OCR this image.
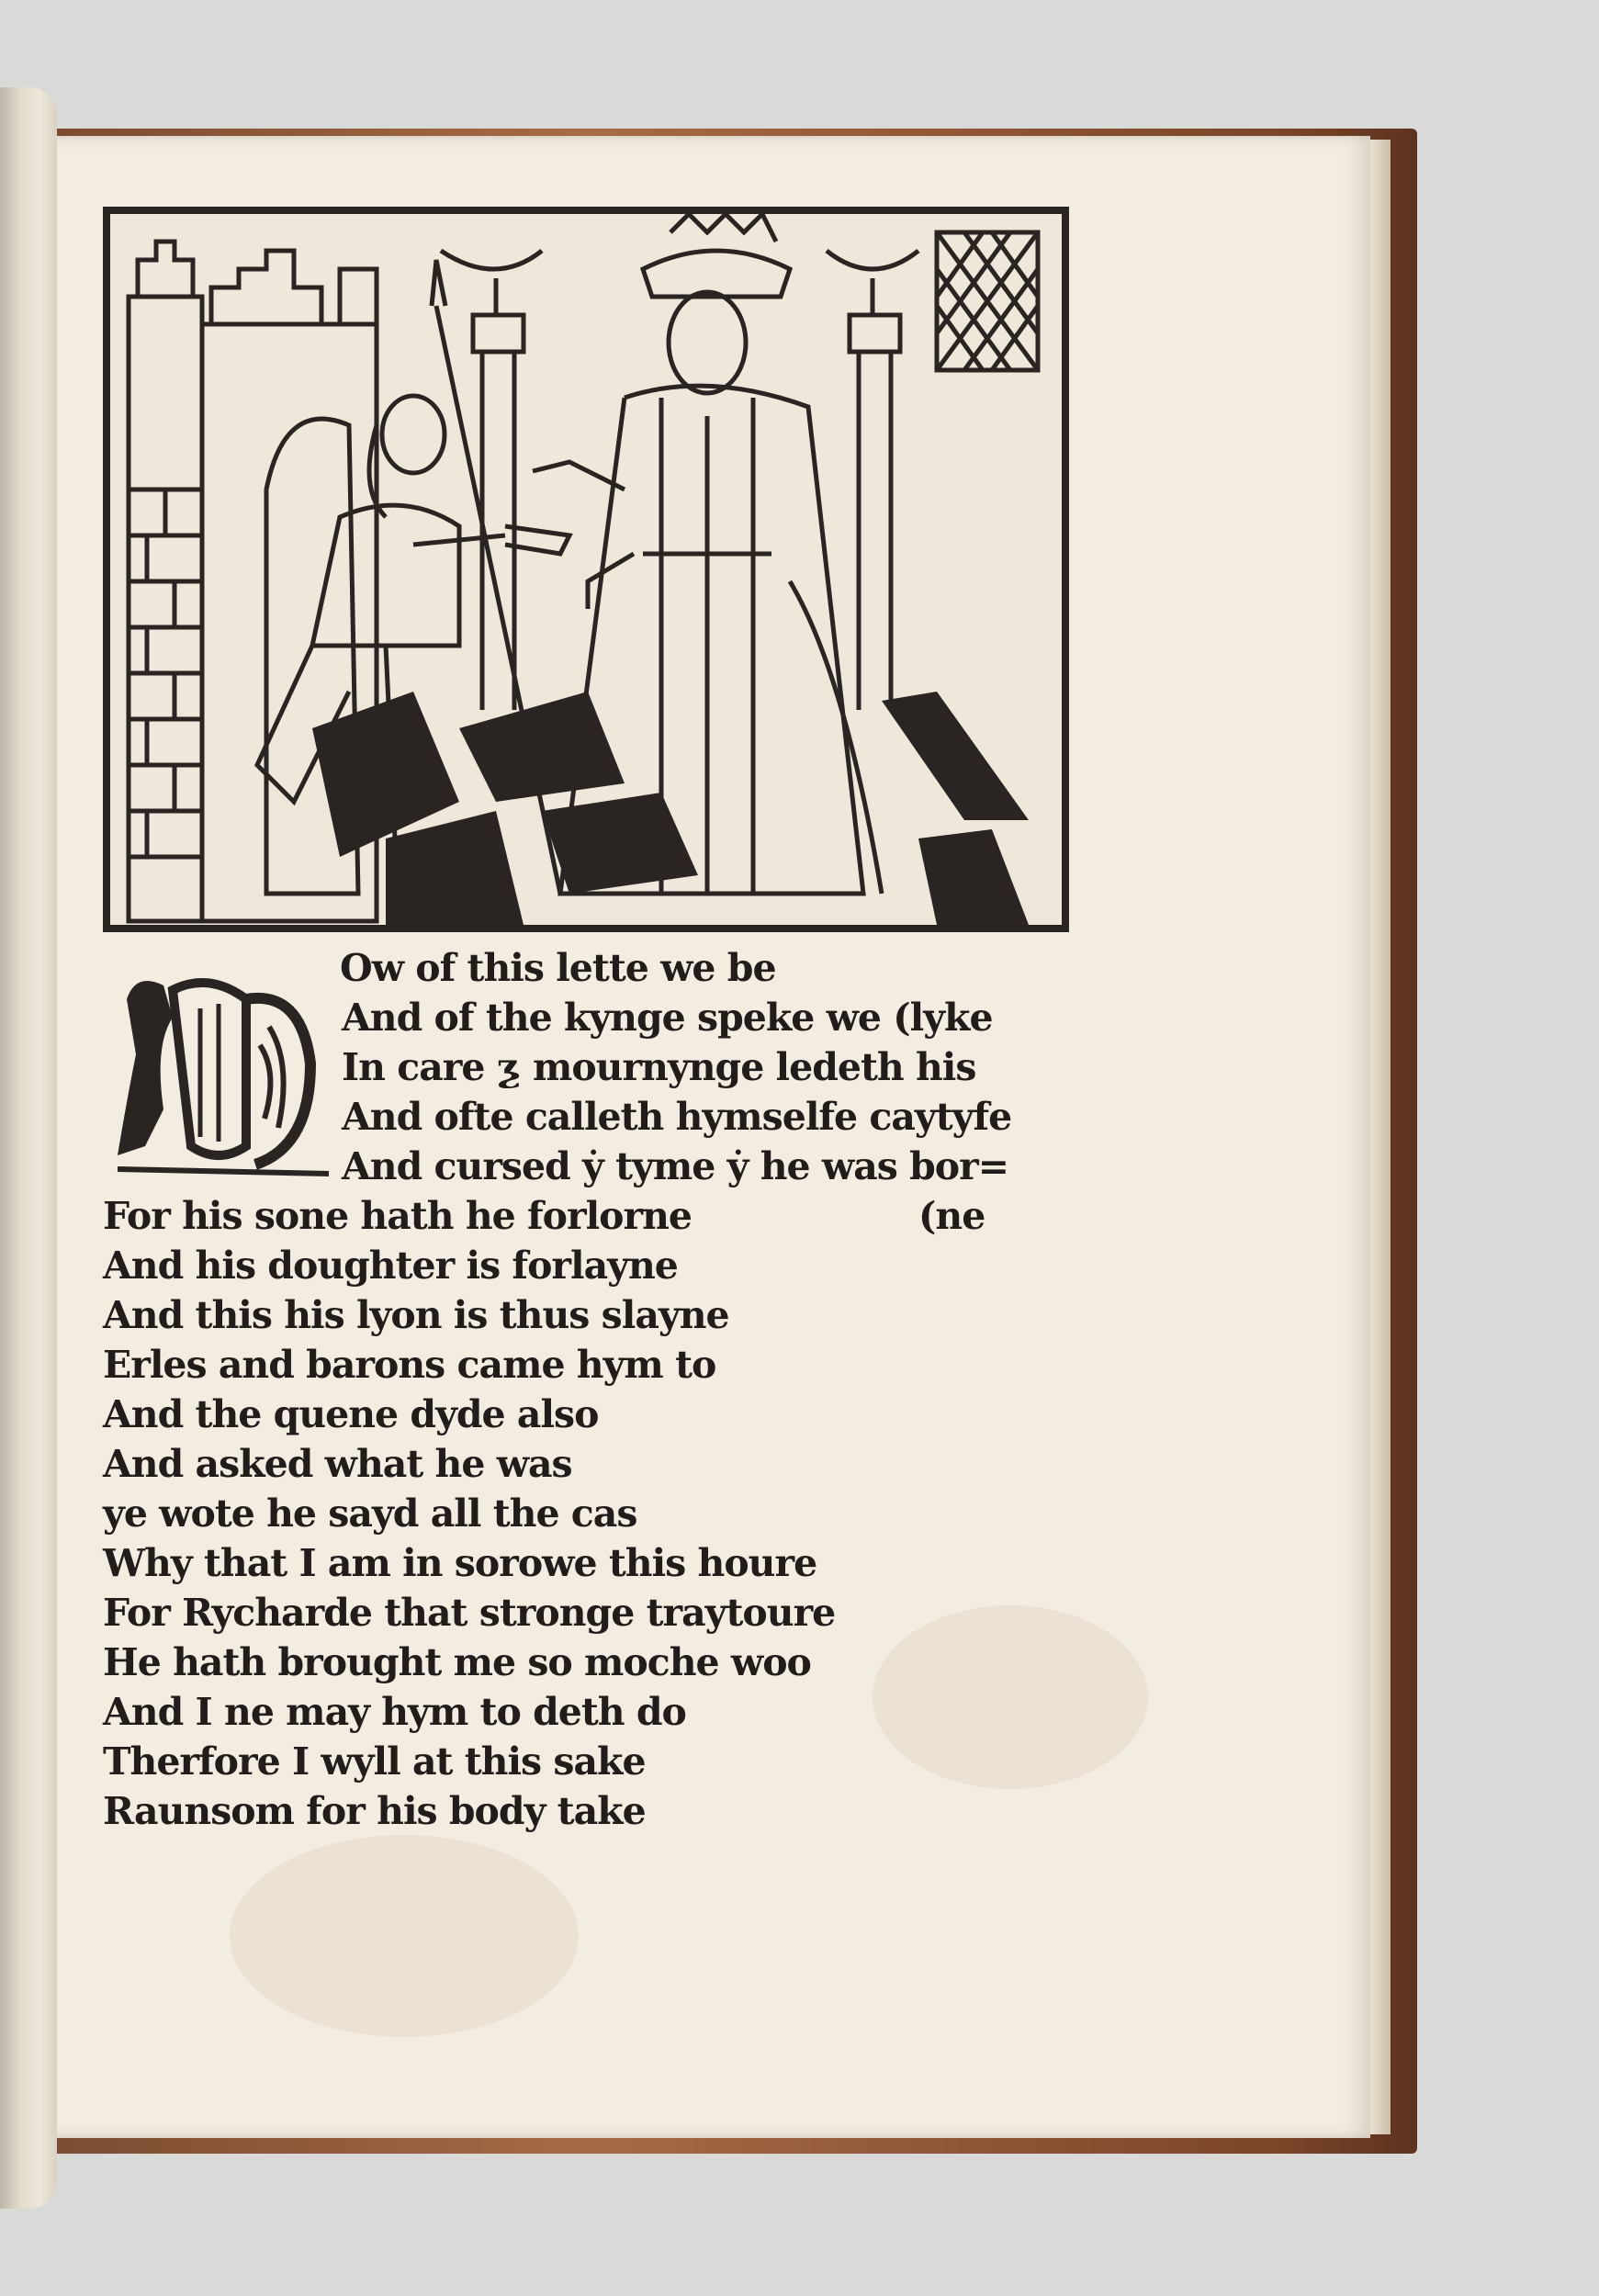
Ow of this lette we be
And of the kynge speke we (lyke
In care ƺ mournynge ledeth his
And ofte calleth hymselfe caytyfe
And cursed ẏ tyme ẏ he was bor=
For his sone hath he forlorne	(ne
And his doughter is forlayne
And this his lyon is thus slayne
Erles and barons came hym to
And the quene dyde also
And asked what he was
ye wote he sayd all the cas
Why that I am in sorowe this houre
For Rycharde that stronge traytoure
He hath brought me so moche woo
And I ne may hym to deth do
Therfore I wyll at this sake
Raunsom for his body take
